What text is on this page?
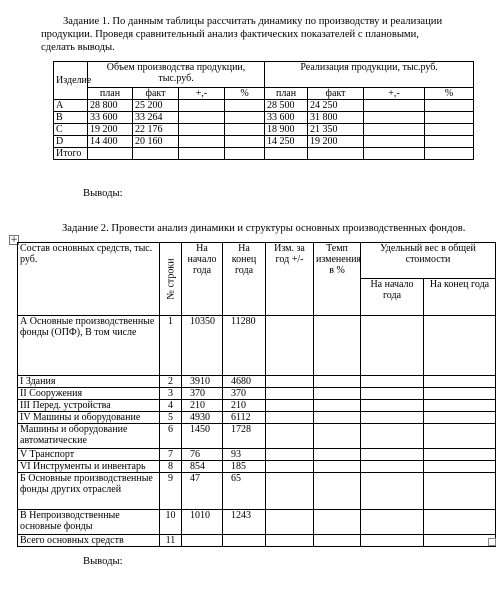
Задание 1. По данным таблицы рассчитать динамику по производству и реализации
продукции. Проведя сравнительный анализ фактических показателей с плановыми,
сделать выводы.
Изделие	Объем производства продукции, тыс.руб.				Реализация продукции, тыс.руб.			
	план	факт	+,-	%	план	факт	+,-	%
А	28 800	25 200			28 500	24 250		
В	33 600	33 264			33 600	31 800		
С	19 200	22 176			18 900	21 350		
D	14 400	20 160			14 250	19 200		
Итого								
Выводы:
Задание 2. Провести анализ динамики и структуры основных производственных фондов.
+
Состав основных средств, тыс. руб.	№ строки	На начало года	На конец года	Изм. за год +/-	Темп изменения в %	Удельный вес в общей стоимости	
						На начало года	На конец года
А Основные производственные фонды (ОПФ), В том числе	1	10350	11280				
I Здания	2	3910	4680				
II Сооружения	3	370	370				
III Перед. устройства	4	210	210				
IV Машины и оборудование	5	4930	6112				
Машины и оборудование автоматические	6	1450	1728				
V Транспорт	7	76	93				
VI Инструменты и инвентарь	8	854	185				
Б Основные производственные фонды других отраслей	9	47	65				
В Непроизводственные основные фонды	10	1010	1243				
Всего основных средств	11						
Выводы:
